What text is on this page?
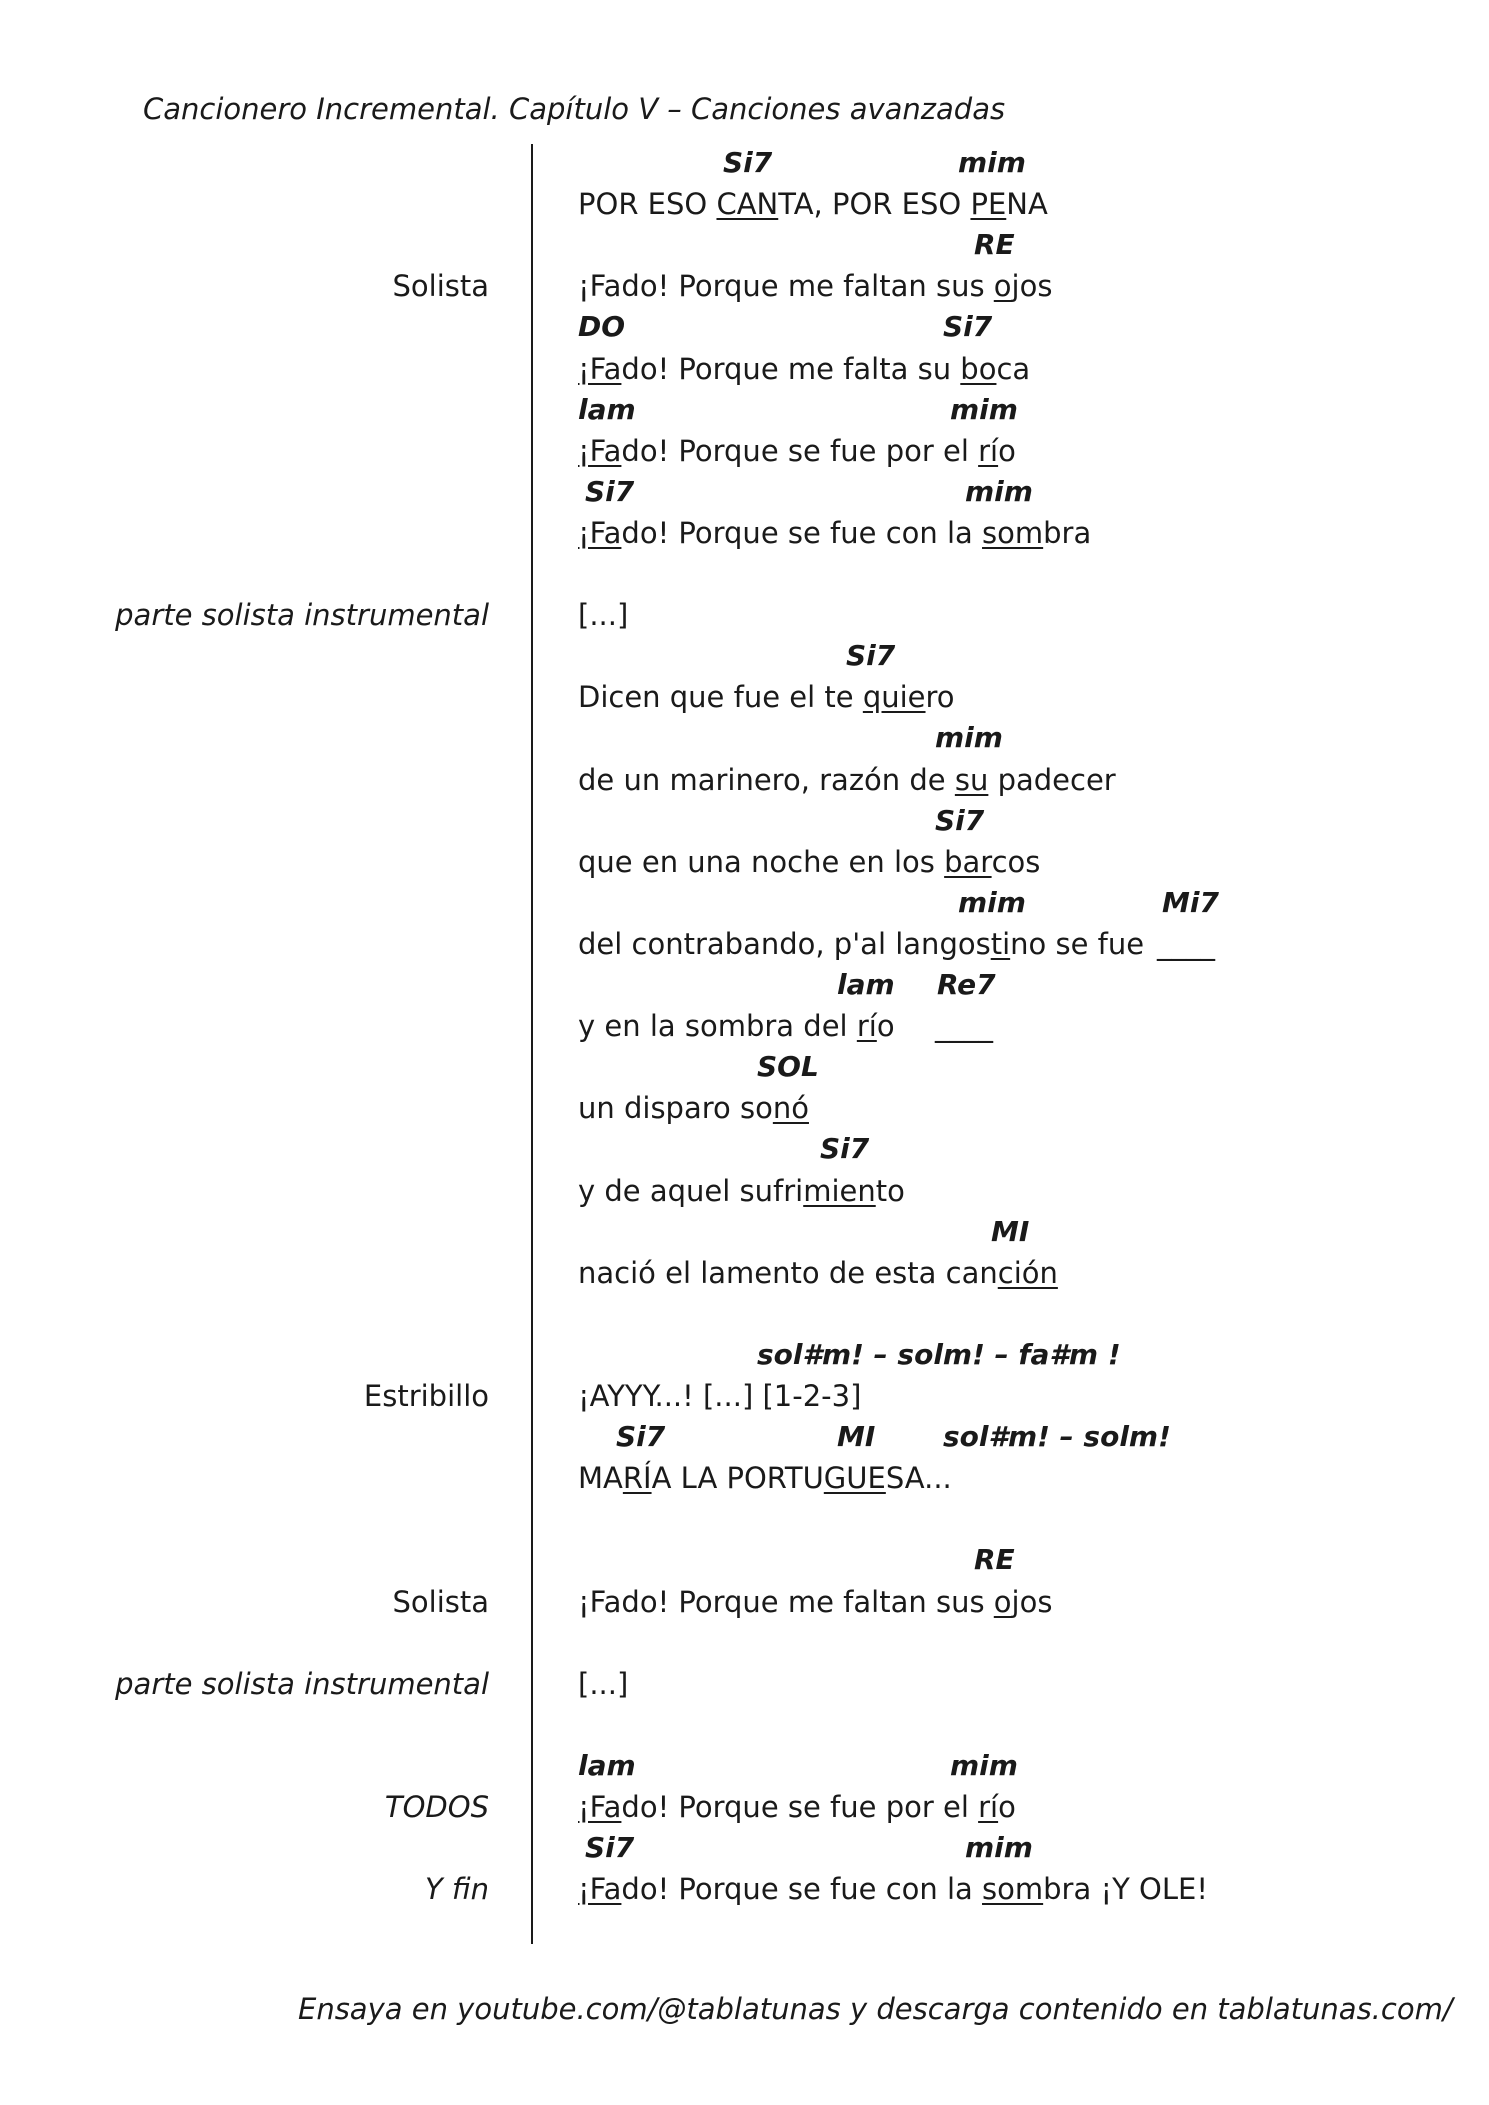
Cancionero Incremental. Capítulo V – Canciones avanzadas
Si7	mim
POR ESO CANTA, POR ESO PENA
RE
Solista	¡Fado! Porque me faltan sus ojos
DO	Si7
¡Fado! Porque me falta su boca
lam	mim
¡Fado! Porque se fue por el río
Si7	mim
¡Fado! Porque se fue con la sombra
parte solista instrumental	[...]
Si7
Dicen que fue el te quiero
mim
de un marinero, razón de su padecer
Si7
que en una noche en los barcos
mim	Mi7
del contrabando, p'al langostino se fue ____
lam Re7
y en la sombra del río ____
SOL
un disparo sonó
Si7
y de aquel sufrimiento
MI
nació el lamento de esta canción
sol#m! – solm! – fa#m !
Estribillo	¡AYYY...! [...] [1-2-3]
Si7	MI sol#m! – solm!
MARÍA LA PORTUGUESA...
RE
Solista	¡Fado! Porque me faltan sus ojos
parte solista instrumental	[...]
lam	mim
TODOS	¡Fado! Porque se fue por el río
Si7	mim
Y fin	¡Fado! Porque se fue con la sombra ¡Y OLE!
Ensaya en youtube.com/@tablatunas y descarga contenido en tablatunas.com/
